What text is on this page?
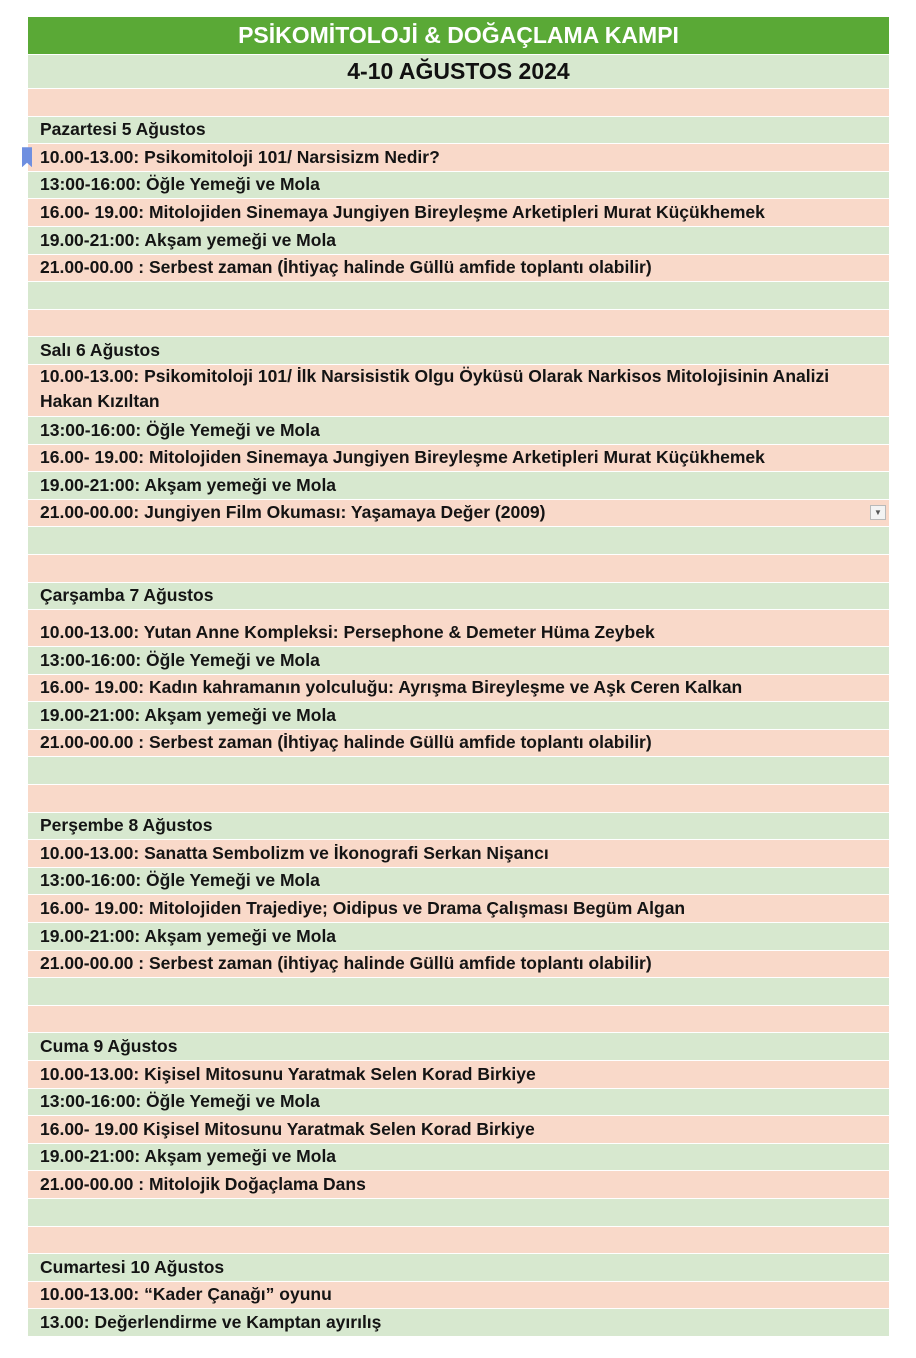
PSİKOMİTOLOJİ & DOĞAÇLAMA KAMPI
4-10 AĞUSTOS 2024
Pazartesi 5 Ağustos
10.00-13.00: Psikomitoloji 101/ Narsisizm Nedir?
13:00-16:00: Öğle Yemeği ve Mola
16.00- 19.00: Mitolojiden Sinemaya Jungiyen Bireyleşme Arketipleri Murat Küçükhemek
19.00-21:00: Akşam yemeği ve Mola
21.00-00.00 : Serbest zaman (İhtiyaç halinde Güllü amfide toplantı olabilir)
Salı 6 Ağustos
10.00-13.00: Psikomitoloji 101/ İlk Narsisistik Olgu Öyküsü Olarak Narkisos Mitolojisinin Analizi Hakan Kızıltan
13:00-16:00: Öğle Yemeği ve Mola
16.00- 19.00: Mitolojiden Sinemaya Jungiyen Bireyleşme Arketipleri Murat Küçükhemek
19.00-21:00: Akşam yemeği ve Mola
21.00-00.00: Jungiyen Film Okuması: Yaşamaya Değer (2009)	▼
Çarşamba 7 Ağustos
10.00-13.00: Yutan Anne Kompleksi: Persephone & Demeter Hüma Zeybek
13:00-16:00: Öğle Yemeği ve Mola
16.00- 19.00: Kadın kahramanın yolculuğu: Ayrışma Bireyleşme ve Aşk Ceren Kalkan
19.00-21:00: Akşam yemeği ve Mola
21.00-00.00 : Serbest zaman (İhtiyaç halinde Güllü amfide toplantı olabilir)
Perşembe 8 Ağustos
10.00-13.00: Sanatta Sembolizm ve İkonografi Serkan Nişancı
13:00-16:00: Öğle Yemeği ve Mola
16.00- 19.00: Mitolojiden Trajediye; Oidipus ve Drama Çalışması Begüm Algan
19.00-21:00: Akşam yemeği ve Mola
21.00-00.00 : Serbest zaman (ihtiyaç halinde Güllü amfide toplantı olabilir)
Cuma 9 Ağustos
10.00-13.00: Kişisel Mitosunu Yaratmak Selen Korad Birkiye
13:00-16:00: Öğle Yemeği ve Mola
16.00- 19.00 Kişisel Mitosunu Yaratmak Selen Korad Birkiye
19.00-21:00: Akşam yemeği ve Mola
21.00-00.00 : Mitolojik Doğaçlama Dans
Cumartesi 10 Ağustos
10.00-13.00: “Kader Çanağı” oyunu
13.00: Değerlendirme ve Kamptan ayırılış
